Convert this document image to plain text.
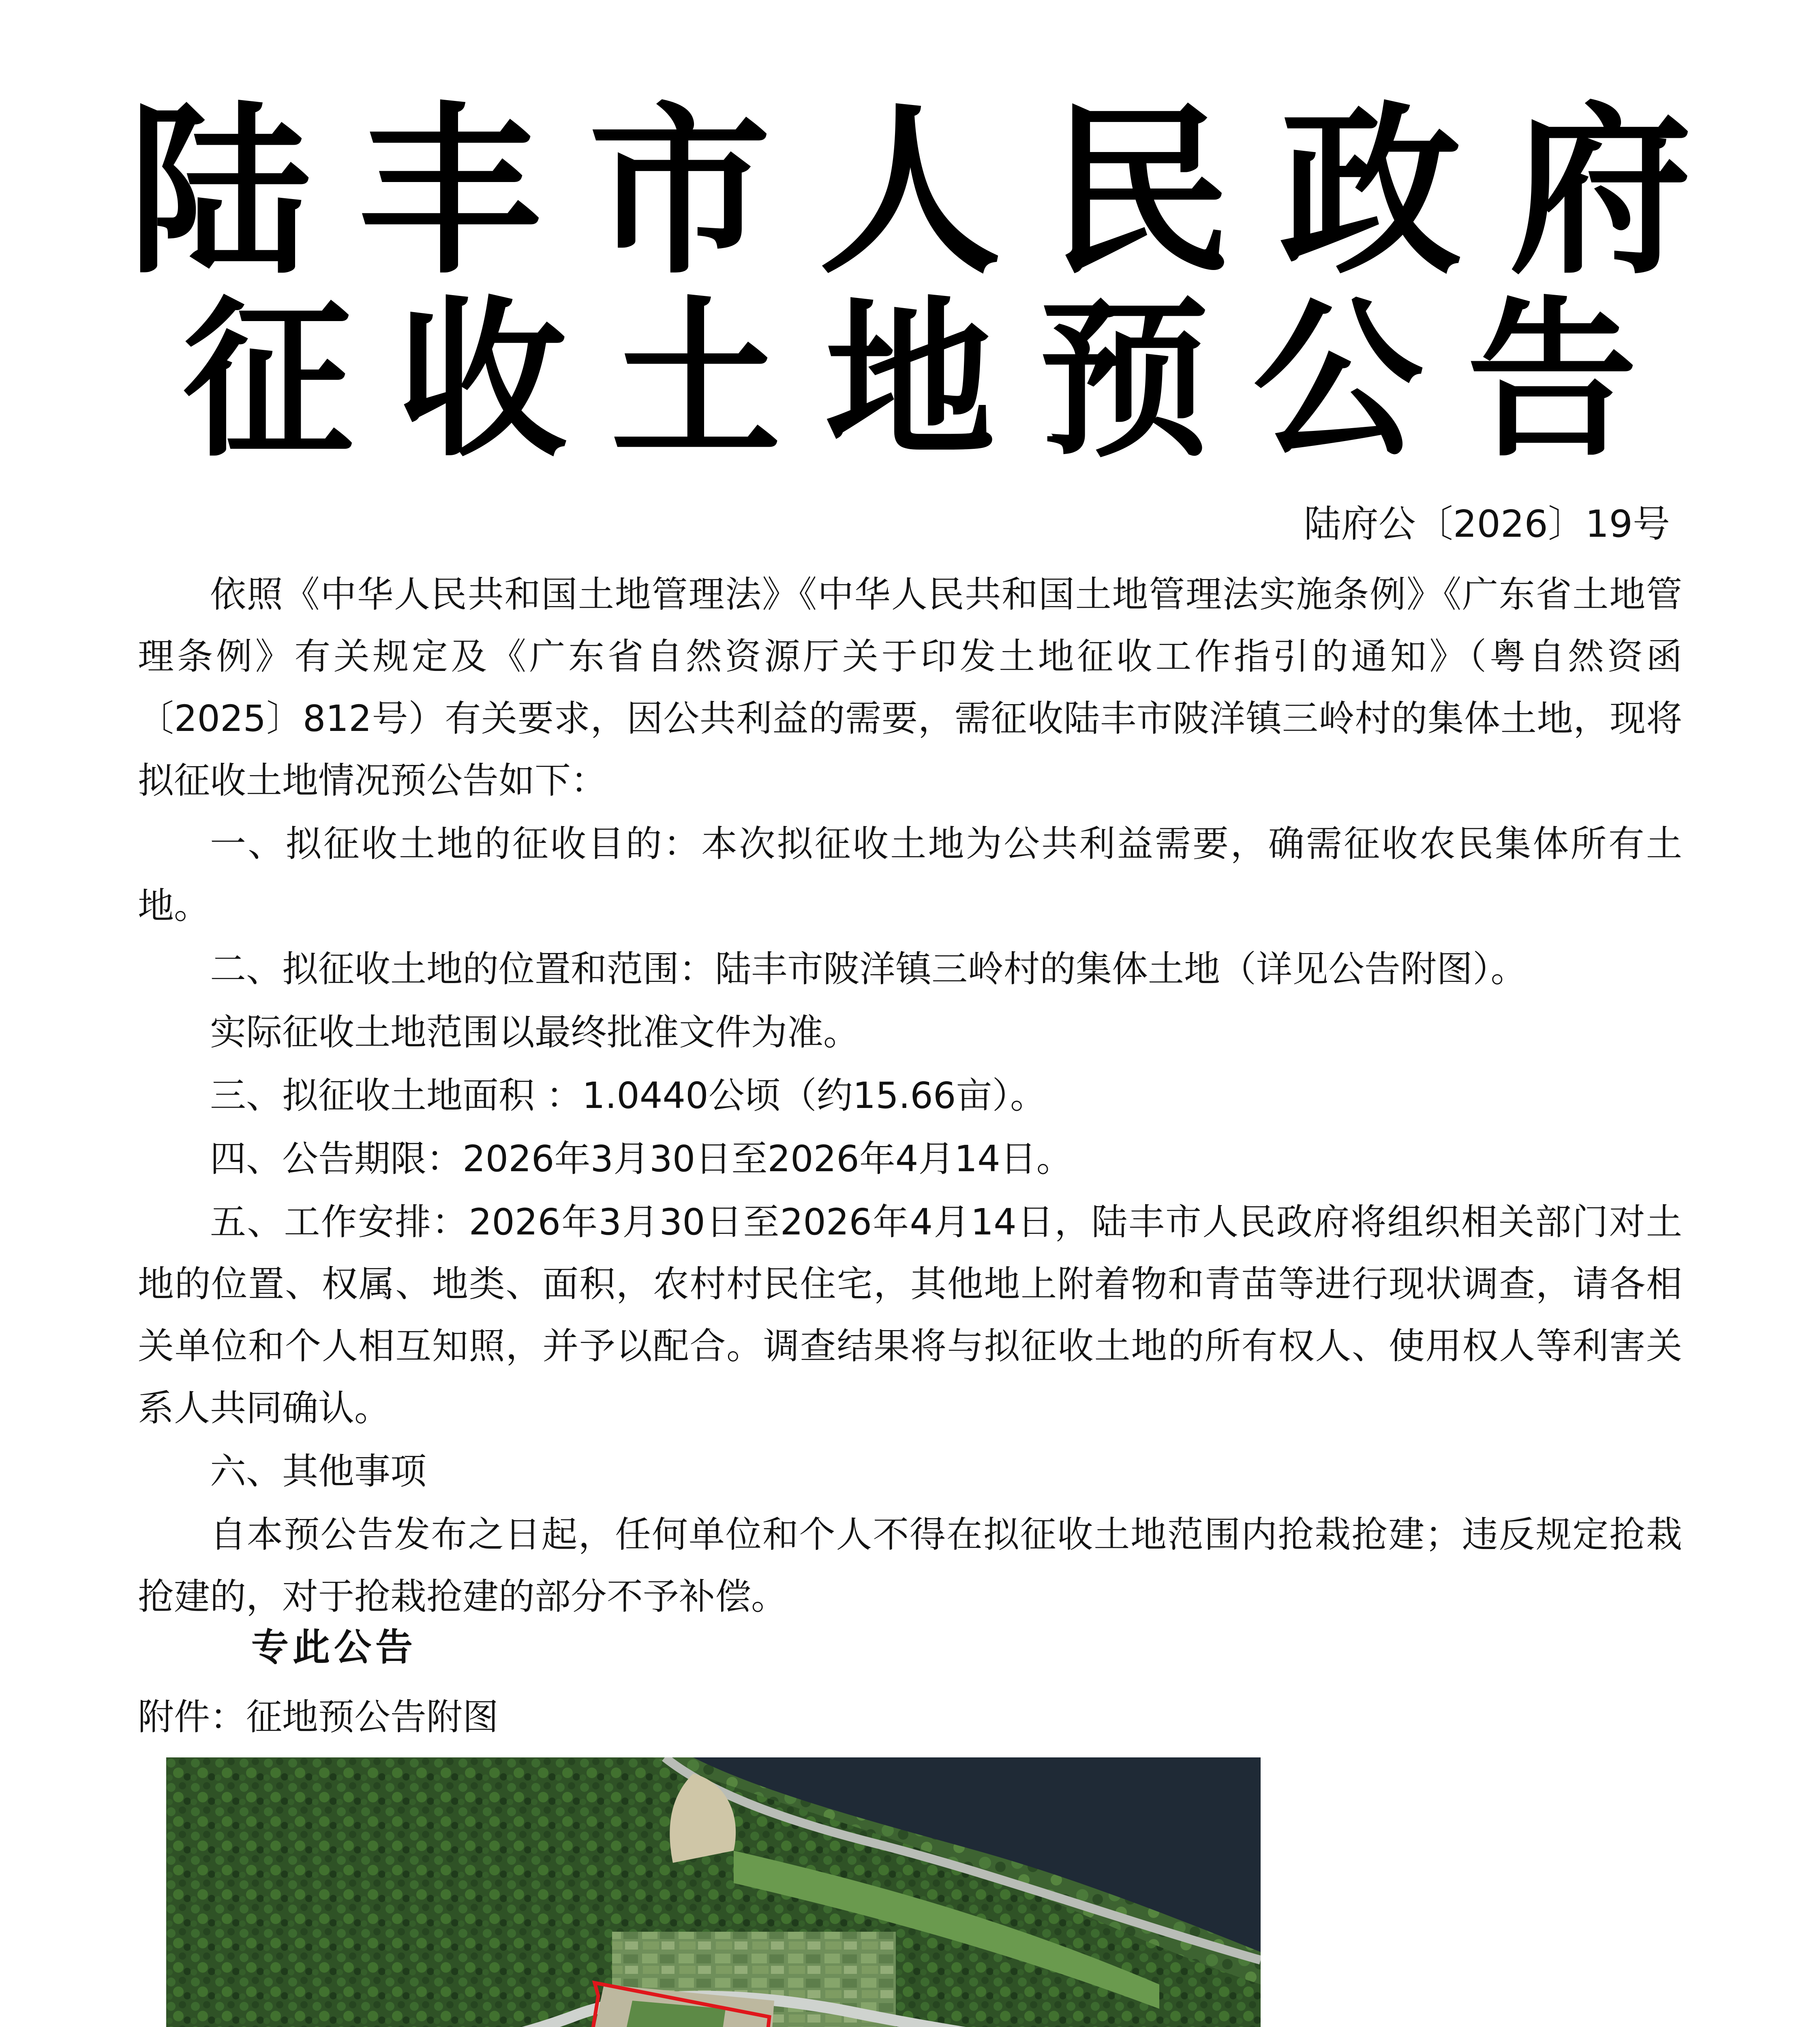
陆丰市人民政府
征收土地预公告
陆府公〔2026〕19号

依照《中华人民共和国土地管理法》《中华人民共和国土地管理法实施条例》《广东省土地管理条例》有关规定及《广东省自然资源厅关于印发土地征收工作指引的通知》（粤自然资函〔2025〕812号）有关要求，因公共利益的需要，需征收陆丰市陂洋镇三岭村的集体土地，现将拟征收土地情况预公告如下：

一、拟征收土地的征收目的：本次拟征收土地为公共利益需要，确需征收农民集体所有土地。

二、拟征收土地的位置和范围：陆丰市陂洋镇三岭村的集体土地（详见公告附图）。

实际征收土地范围以最终批准文件为准。

三、拟征收土地面积 ：1.0440公顷（约15.66亩）。

四、公告期限：2026年3月30日至2026年4月14日。

五、工作安排：2026年3月30日至2026年4月14日，陆丰市人民政府将组织相关部门对土地的位置、权属、地类、面积，农村村民住宅，其他地上附着物和青苗等进行现状调查，请各相关单位和个人相互知照，并予以配合。调查结果将与拟征收土地的所有权人、使用权人等利害关系人共同确认。

六、其他事项

自本预公告发布之日起，任何单位和个人不得在拟征收土地范围内抢栽抢建；违反规定抢栽抢建的，对于抢栽抢建的部分不予补偿。

专此公告
附件：征地预公告附图
